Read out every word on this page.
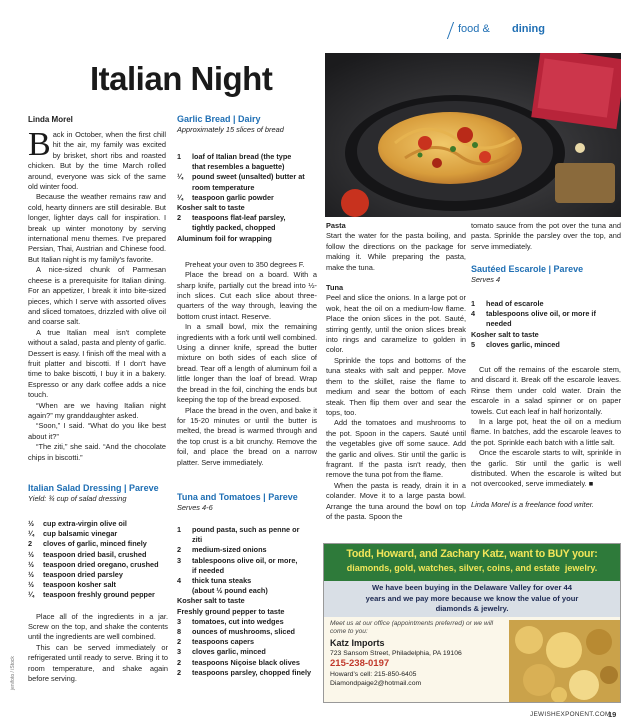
food & dining
Italian Night
Linda Morel
Back in October, when the first chill hit the air, my family was excited by brisket, short ribs and roasted chicken. But by the time March rolled around, everyone was sick of the same old winter food.

Because the weather remains raw and cold, hearty dinners are still desirable. But longer, lighter days call for inspiration. I break up winter monotony by serving international menu themes. I've prepared Persian, Thai, Austrian and Chinese food. But Italian night is my family's favorite.

A nice-sized chunk of Parmesan cheese is a prerequisite for Italian dining. For an appetizer, I break it into bite-sized pieces, which I serve with assorted olives and sliced tomatoes, drizzled with olive oil and coarse salt.

A true Italian meal isn't complete without a salad, pasta and plenty of garlic. Dessert is easy. I finish off the meal with a fruit platter and biscotti. If I don't have time to bake biscotti, I buy it in a bakery. Espresso or any dark coffee adds a nice touch.

“When are we having Italian night again?” my granddaughter asked.

“Soon,” I said. “What do you like best about it?”

“The ziti,” she said. “And the chocolate chips in biscotti.”

Italian Salad Dressing | Pareve
Yield: ¾ cup of salad dressing
½	cup extra-virgin olive oil
¼	cup balsamic vinegar
2	cloves of garlic, minced finely
½	teaspoon dried basil, crushed
½	teaspoon dried oregano, crushed
½	teaspoon dried parsley
½	teaspoon kosher salt
¼	teaspoon freshly ground pepper

Place all of the ingredients in a jar. Screw on the top, and shake the contents until the ingredients are well combined.

This can be served immediately or refrigerated until ready to serve. Bring it to room temperature, and shake again before serving.

jenifoto / iStock
Garlic Bread | Dairy
Approximately 15 slices of bread
1	loaf of Italian bread (the type
that resembles a baguette)
¼	pound sweet (unsalted) butter at
room temperature
¼	teaspoon garlic powder
Kosher salt to taste
2	teaspoons flat-leaf parsley,
tightly packed, chopped
Aluminum foil for wrapping

Preheat your oven to 350 degrees F.

Place the bread on a board. With a sharp knife, partially cut the bread into ½-inch slices. Cut each slice about three-quarters of the way through, leaving the bottom crust intact. Reserve.

In a small bowl, mix the remaining ingredients with a fork until well combined. Using a dinner knife, spread the butter mixture on both sides of each slice of bread. Tear off a length of aluminum foil a little longer than the loaf of bread. Wrap the bread in the foil, cinching the ends but keeping the top of the bread exposed.

Place the bread in the oven, and bake it for 15-20 minutes or until the butter is melted, the bread is warmed through and the top crust is a bit crunchy. Remove the foil, and place the bread on a narrow platter. Serve immediately.

Tuna and Tomatoes | Pareve
Serves 4-6
1	pound pasta, such as penne or
ziti
2	medium-sized onions
3	tablespoons olive oil, or more,
if needed
4	thick tuna steaks
(about ½ pound each)
Kosher salt to taste
Freshly ground pepper to taste
3	tomatoes, cut into wedges
8	ounces of mushrooms, sliced
2	teaspoons capers
3	cloves garlic, minced
2	teaspoons Niçoise black olives
2	teaspoons parsley, chopped finely
Pasta
Start the water for the pasta boiling, and follow the directions on the package for making it. While preparing the pasta, make the tuna.
Tuna
Peel and slice the onions. In a large pot or wok, heat the oil on a medium-low flame. Place the onion slices in the pot. Sauté, stirring gently, until the onion slices break into rings and caramelize to golden in color.

Sprinkle the tops and bottoms of the tuna steaks with salt and pepper. Move them to the skillet, raise the flame to medium and sear the bottom of each steak. Then flip them over and sear the tops, too.

Add the tomatoes and mushrooms to the pot. Spoon in the capers. Sauté until the vegetables give off some sauce. Add the garlic and olives. Stir until the garlic is fragrant. If the pasta isn't ready, then remove the tuna pot from the flame.

When the pasta is ready, drain it in a colander. Move it to a large pasta bowl. Arrange the tuna around the bowl on top of the pasta. Spoon the

tomato sauce from the pot over the tuna and pasta. Sprinkle the parsley over the top, and serve immediately.
Sautéed Escarole | Pareve
Serves 4
1	head of escarole
4	tablespoons olive oil, or more if
needed
Kosher salt to taste
5	cloves garlic, minced

Cut off the remains of the escarole stem, and discard it. Break off the escarole leaves. Rinse them under cold water. Drain the escarole in a salad spinner or on paper towels. Cut each leaf in half horizontally.

In a large pot, heat the oil on a medium flame. In batches, add the escarole leaves to the pot. Sprinkle each batch with a little salt.

Once the escarole starts to wilt, sprinkle in the garlic. Stir until the garlic is well distributed. When the escarole is wilted but not overcooked, serve immediately. ■

Linda Morel is a freelance food writer.
Todd, Howard, and Zachary Katz, want to BUY your:
diamonds, gold, watches, silver, coins, and estate  jewelry.
We have been buying in the Delaware Valley for over 44 years and we pay more because we know the value of your diamonds & jewelry.
Meet us at our office (appointments preferred) or we will come to you:
Katz Imports
723 Sansom Street, Philadelphia, PA 19106
215-238-0197
Howard’s cell: 215-850-6405
Diamondpaige2@hotmail.com
JEWISHEXPONENT.COM
19
